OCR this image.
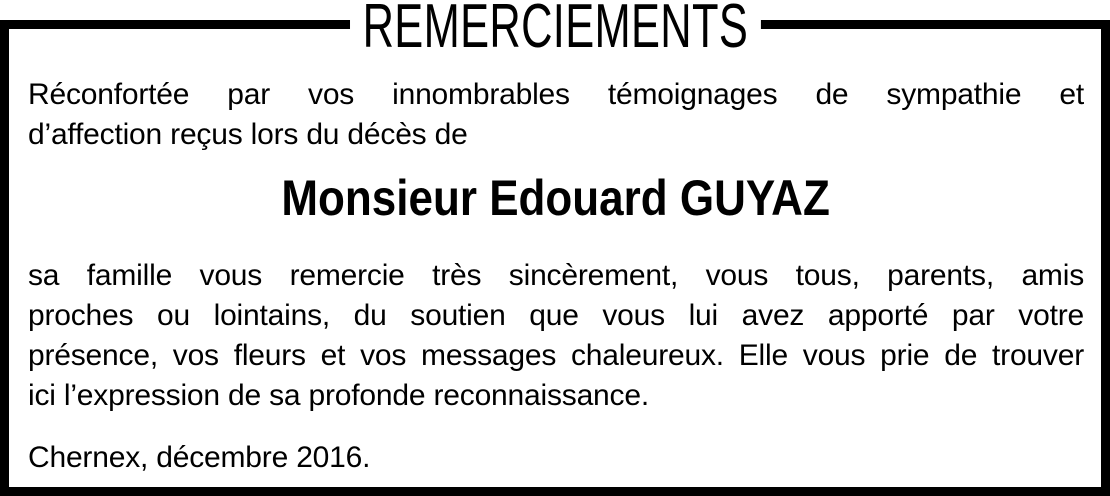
REMERCIEMENTS
Réconfortée par vos innombrables témoignages de sympathie et
d’affection reçus lors du décès de
Monsieur Edouard GUYAZ
sa famille vous remercie très sincèrement, vous tous, parents, amis
proches ou lointains, du soutien que vous lui avez apporté par votre
présence, vos fleurs et vos messages chaleureux. Elle vous prie de trouver
ici l’expression de sa profonde reconnaissance.
Chernex, décembre 2016.
